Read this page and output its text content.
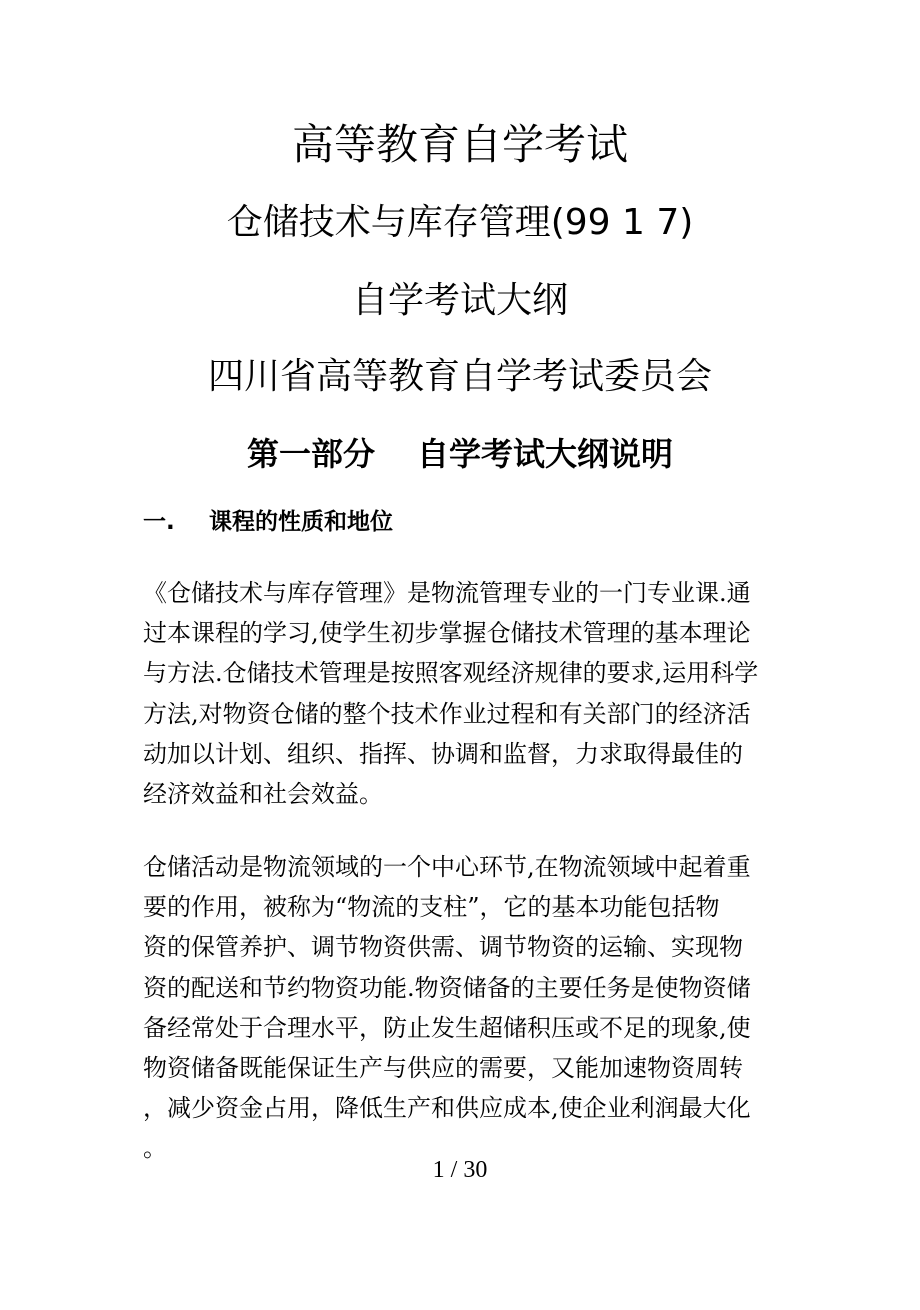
高等教育自学考试
仓储技术与库存管理(99 1 7)
自学考试大纲
四川省高等教育自学考试委员会
第一部分 自学考试大纲说明
一. 课程的性质和地位
《仓储技术与库存管理》是物流管理专业的一门专业课.通
过本课程的学习,使学生初步掌握仓储技术管理的基本理论
与方法.仓储技术管理是按照客观经济规律的要求,运用科学
方法,对物资仓储的整个技术作业过程和有关部门的经济活
动加以计划、组织、指挥、协调和监督，力求取得最佳的
经济效益和社会效益。
仓储活动是物流领域的一个中心环节,在物流领域中起着重
要的作用，被称为“物流的支柱”，它的基本功能包括物
资的保管养护、调节物资供需、调节物资的运输、实现物
资的配送和节约物资功能.物资储备的主要任务是使物资储
备经常处于合理水平，防止发生超储积压或不足的现象,使
物资储备既能保证生产与供应的需要，又能加速物资周转
，减少资金占用，降低生产和供应成本,使企业利润最大化
。
1 / 30
